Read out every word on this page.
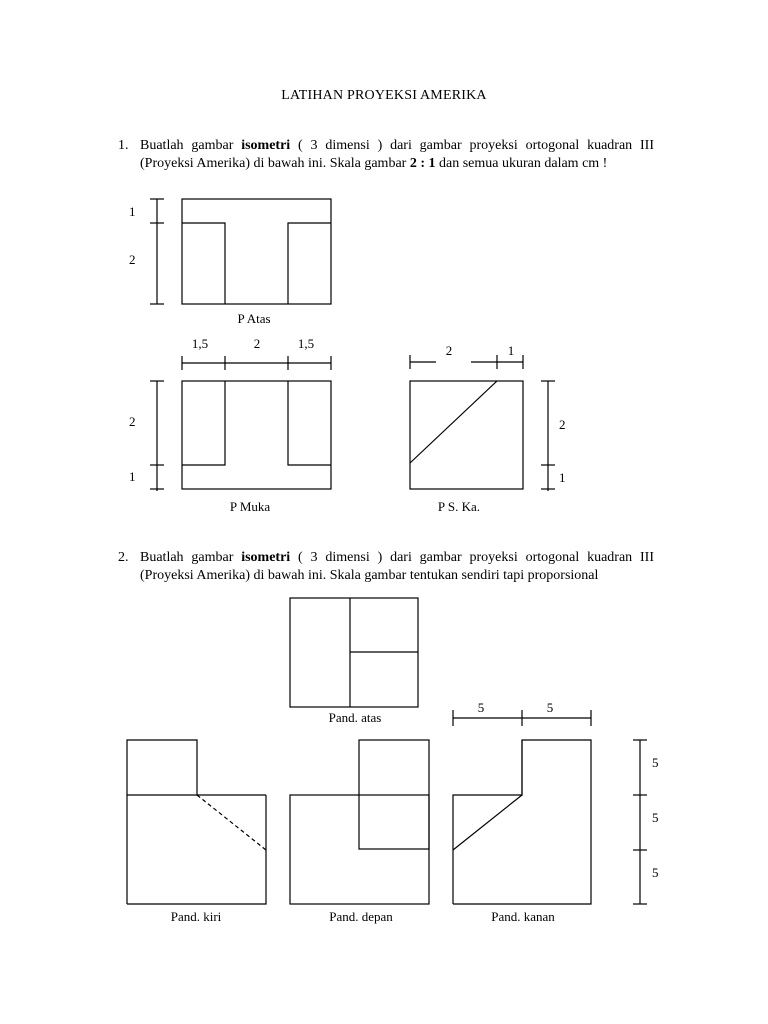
LATIHAN PROYEKSI AMERIKA
1. Buatlah gambar isometri ( 3 dimensi ) dari gambar proyeksi ortogonal kuadran III (Proyeksi Amerika) di bawah ini. Skala gambar 2 : 1 dan semua ukuran dalam cm !
2. Buatlah gambar isometri ( 3 dimensi ) dari gambar proyeksi ortogonal kuadran III (Proyeksi Amerika) di bawah ini. Skala gambar tentukan sendiri tapi proporsional
1
2
P Atas
1,5	2	1,5
2
1
P Muka
2	1
2
1
P S. Ka.
Pand. atas
Pand. kiri	Pand. depan
5	5
Pand. kanan
5
5
5
